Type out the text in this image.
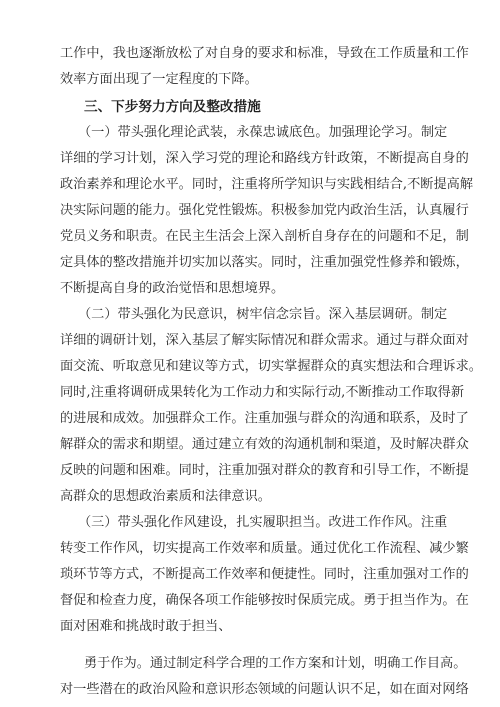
工作中，我也逐渐放松了对自身的要求和标准，导致在工作质量和工作
效率方面出现了一定程度的下降。
三、下步努力方向及整改措施
（一）带头强化理论武装，永葆忠诚底色。加强理论学习。制定
详细的学习计划，深入学习党的理论和路线方针政策，不断提高自身的
政治素养和理论水平。同时，注重将所学知识与实践相结合,不断提高解
决实际问题的能力。强化党性锻炼。积极参加党内政治生活，认真履行
党员义务和职责。在民主生活会上深入剖析自身存在的问题和不足，制
定具体的整改措施并切实加以落实。同时，注重加强党性修养和锻炼，
不断提高自身的政治觉悟和思想境界。
（二）带头强化为民意识，树牢信念宗旨。深入基层调研。制定
详细的调研计划，深入基层了解实际情况和群众需求。通过与群众面对
面交流、听取意见和建议等方式，切实掌握群众的真实想法和合理诉求。
同时,注重将调研成果转化为工作动力和实际行动,不断推动工作取得新
的进展和成效。加强群众工作。注重加强与群众的沟通和联系，及时了
解群众的需求和期望。通过建立有效的沟通机制和渠道，及时解决群众
反映的问题和困难。同时，注重加强对群众的教育和引导工作，不断提
高群众的思想政治素质和法律意识。
（三）带头强化作风建设，扎实履职担当。改进工作作风。注重
转变工作作风，切实提高工作效率和质量。通过优化工作流程、减少繁
琐环节等方式，不断提高工作效率和便捷性。同时，注重加强对工作的
督促和检查力度，确保各项工作能够按时保质完成。勇于担当作为。在
面对困难和挑战时敢于担当、
勇于作为。通过制定科学合理的工作方案和计划，明确工作目高。
对一些潜在的政治风险和意识形态领域的问题认识不足，如在面对网络
